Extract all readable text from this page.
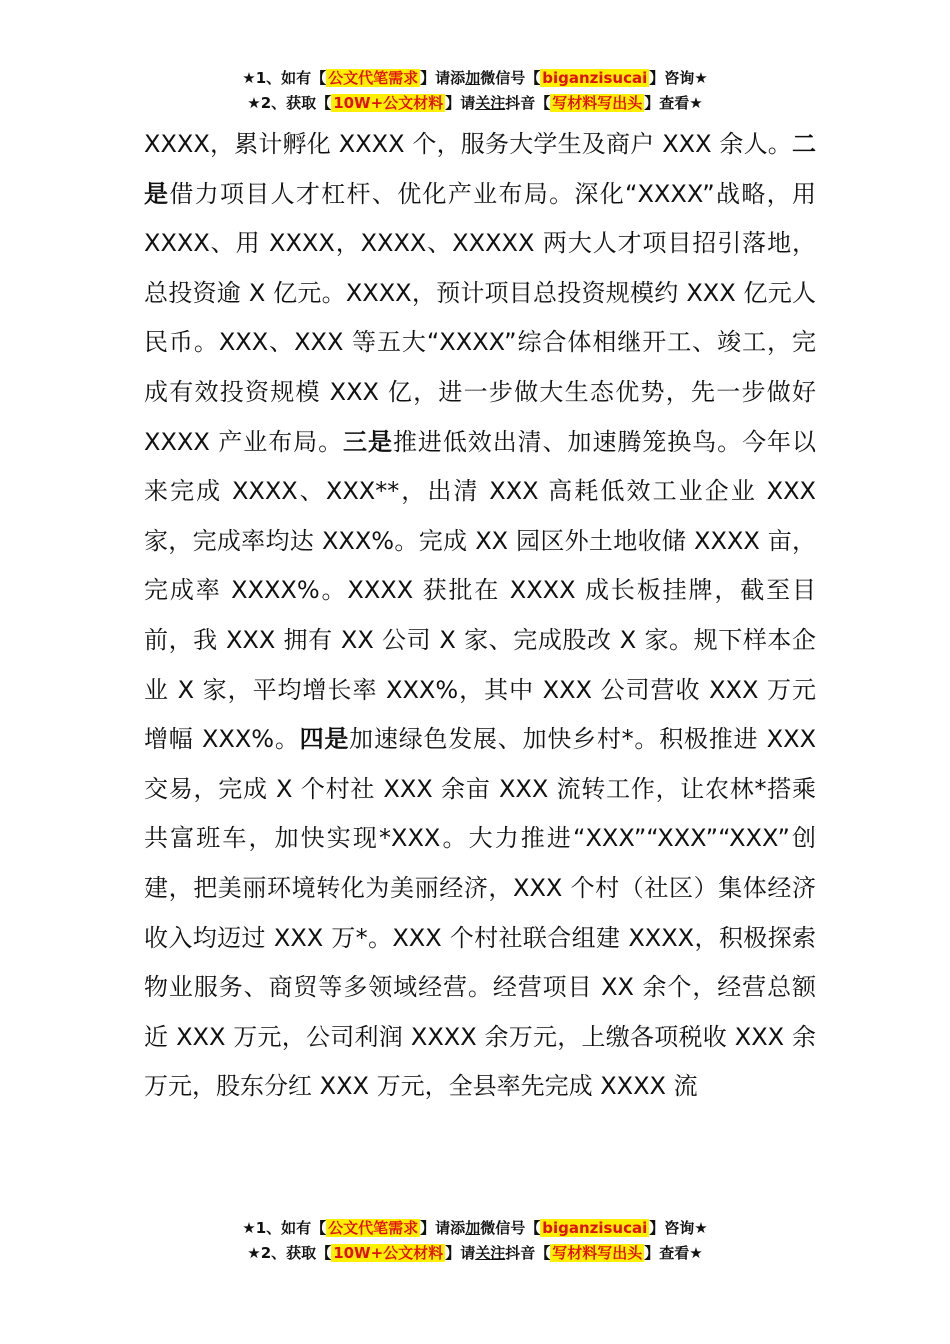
★1、如有【 公文代笔需求 】请添加微信号【 biganzisucai 】咨询★
★2、获取【 10W+公文材料 】请关注抖音【 写材料写出头 】查看★

XXXX，累计孵化 XXXX 个，服务大学生及商户 XXX 余人。二是借力项目人才杠杆、优化产业布局。深化“XXXX”战略，用 XXXX、用 XXXX，XXXX、XXXXX 两大人才项目招引落地，总投资逾 X 亿元。XXXX，预计项目总投资规模约 XXX 亿元人民币。XXX、XXX 等五大“XXXX”综合体相继开工、竣工，完成有效投资规模 XXX 亿，进一步做大生态优势，先一步做好 XXXX 产业布局。三是推进低效出清、加速腾笼换鸟。今年以来完成 XXXX、XXX**，出清 XXX 高耗低效工业企业 XXX 家，完成率均达 XXX%。完成 XX 园区外土地收储 XXXX 亩，完成率 XXXX%。XXXX 获批在 XXXX 成长板挂牌，截至目前，我 XXX 拥有 XX 公司 X 家、完成股改 X 家。规下样本企业 X 家，平均增长率 XXX%，其中 XXX 公司营收 XXX 万元增幅 XXX%。四是加速绿色发展、加快乡村*。积极推进 XXX 交易，完成 X 个村社 XXX 余亩 XXX 流转工作，让农林*搭乘共富班车，加快实现*XXX。大力推进“XXX”“XXX”“XXX”创建，把美丽环境转化为美丽经济，XXX 个村（社区）集体经济收入均迈过 XXX 万*。XXX 个村社联合组建 XXXX，积极探索物业服务、商贸等多领域经营。经营项目 XX 余个，经营总额近 XXX 万元，公司利润 XXXX 余万元，上缴各项税收 XXX 余万元，股东分红 XXX 万元，全县率先完成 XXXX 流

★1、如有【 公文代笔需求 】请添加微信号【 biganzisucai 】咨询★
★2、获取【 10W+公文材料 】请关注抖音【 写材料写出头 】查看★
